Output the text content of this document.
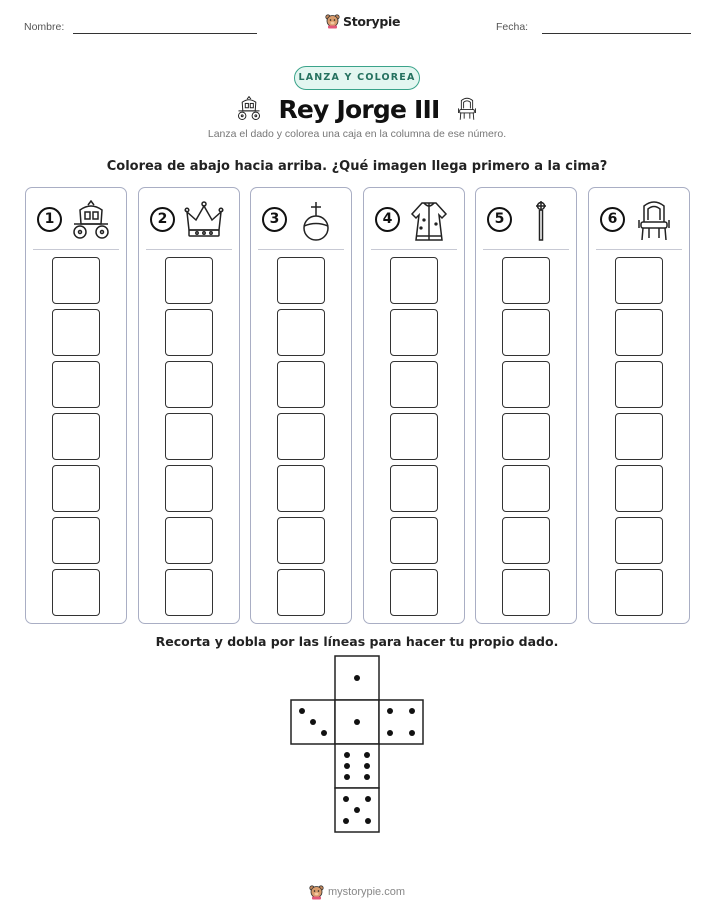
Nombre:	Storypie	Fecha:
LANZA Y COLOREA
Rey Jorge III
Lanza el dado y colorea una caja en la columna de ese número.
Colorea de abajo hacia arriba. ¿Qué imagen llega primero a la cima?
1	2	3	4	5	6
Recorta y dobla por las líneas para hacer tu propio dado.
mystorypie.com
